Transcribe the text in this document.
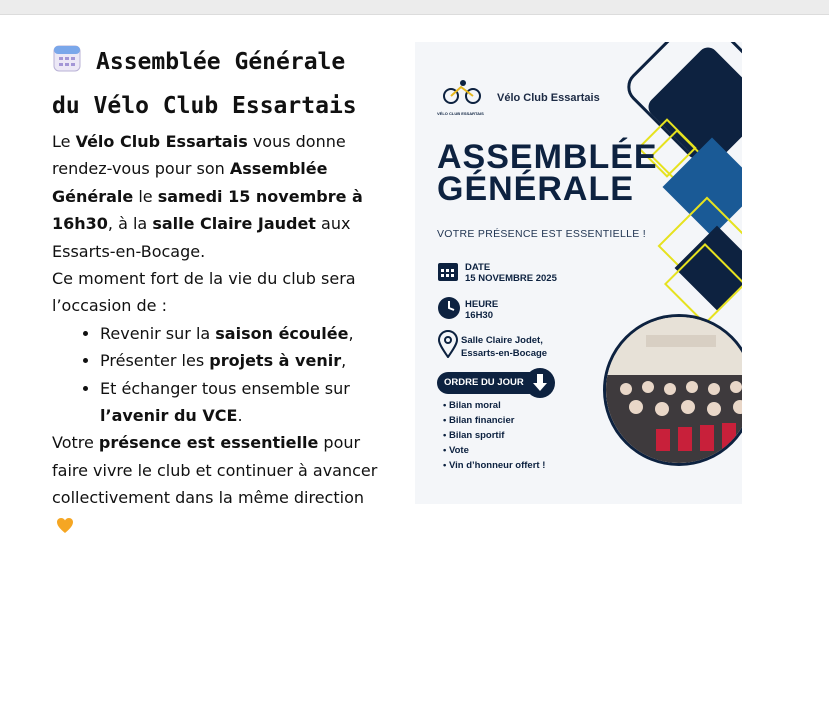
Assemblée Générale du Vélo Club Essartais

Le Vélo Club Essartais vous donne rendez-vous pour son Assemblée Générale le samedi 15 novembre à 16h30, à la salle Claire Jaudet aux Essarts-en-Bocage.

Ce moment fort de la vie du club sera l’occasion de :

• Revenir sur la saison écoulée,
• Présenter les projets à venir,
• Et échanger tous ensemble sur l’avenir du VCE.

Votre présence est essentielle pour faire vivre le club et continuer à avancer collectivement dans la même direction

VÉLO CLUB ESSARTAIS
Vélo Club Essartais
ASSEMBLÉE
GÉNÉRALE
VOTRE PRÉSENCE EST ESSENTIELLE !
DATE
15 NOVEMBRE 2025
HEURE
16H30
Salle Claire Jodet,
Essarts-en-Bocage
ORDRE DU JOUR
• Bilan moral
• Bilan financier
• Bilan sportif
• Vote
• Vin d’honneur offert !
